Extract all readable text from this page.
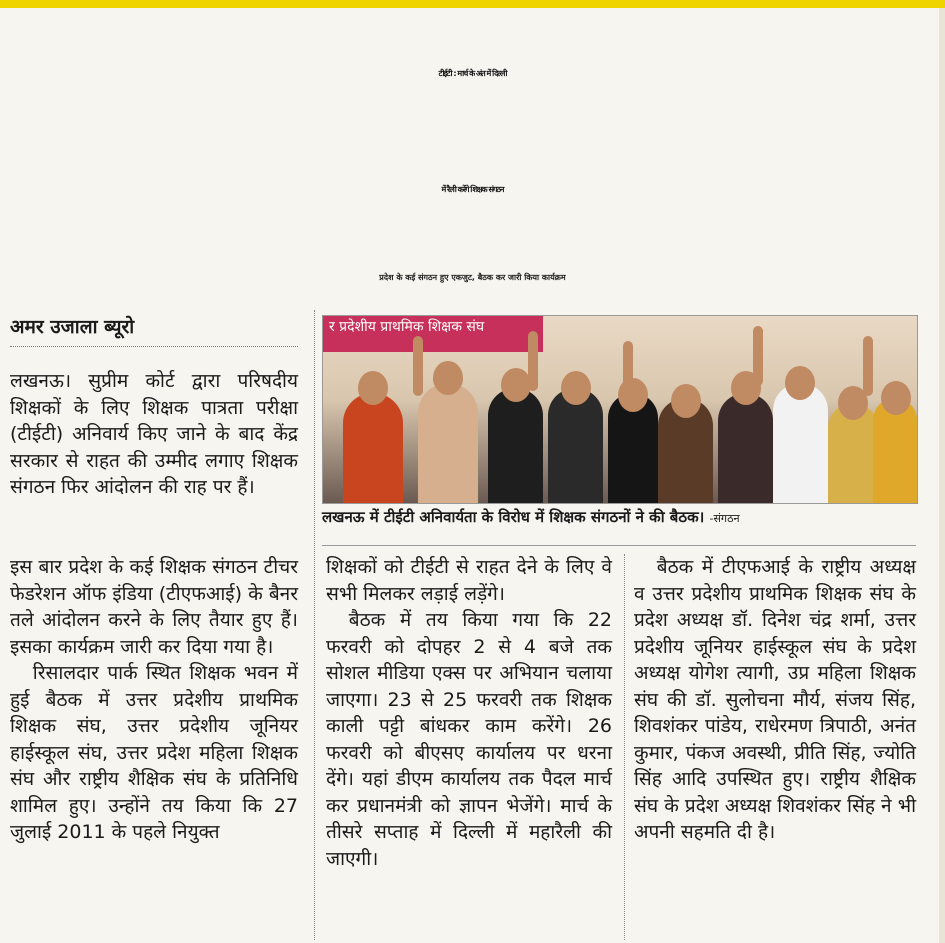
टीईटी : मार्च के अंत में दिल्ली
में रैली करेंगे शिक्षक संगठन
प्रदेश के कई संगठन हुए एकजुट, बैठक कर जारी किया कार्यक्रम
अमर उजाला ब्यूरो	र प्रदेशीय प्राथमिक शिक्षक संघ
लखनऊ में टीईटी अनिवार्यता के विरोध में शिक्षक संगठनों ने की बैठक। -संगठन

लखनऊ। सुप्रीम कोर्ट द्वारा परिषदीय शिक्षकों के लिए शिक्षक पात्रता परीक्षा (टीईटी) अनिवार्य किए जाने के बाद केंद्र सरकार से राहत की उम्मीद लगाए शिक्षक संगठन फिर आंदोलन की राह पर हैं।

इस बार प्रदेश के कई शिक्षक संगठन टीचर फेडरेशन ऑफ इंडिया (टीएफआई) के बैनर तले आंदोलन करने के लिए तैयार हुए हैं। इसका कार्यक्रम जारी कर दिया गया है।

रिसालदार पार्क स्थित शिक्षक भवन में हुई बैठक में उत्तर प्रदेशीय प्राथमिक शिक्षक संघ, उत्तर प्रदेशीय जूनियर हाईस्कूल संघ, उत्तर प्रदेश महिला शिक्षक संघ और राष्ट्रीय शैक्षिक संघ के प्रतिनिधि शामिल हुए। उन्होंने तय किया कि 27 जुलाई 2011 के पहले नियुक्त

शिक्षकों को टीईटी से राहत देने के लिए वे सभी मिलकर लड़ाई लड़ेंगे।

बैठक में तय किया गया कि 22 फरवरी को दोपहर 2 से 4 बजे तक सोशल मीडिया एक्स पर अभियान चलाया जाएगा। 23 से 25 फरवरी तक शिक्षक काली पट्टी बांधकर काम करेंगे। 26 फरवरी को बीएसए कार्यालय पर धरना देंगे। यहां डीएम कार्यालय तक पैदल मार्च कर प्रधानमंत्री को ज्ञापन भेजेंगे। मार्च के तीसरे सप्ताह में दिल्ली में महारैली की जाएगी।

बैठक में टीएफआई के राष्ट्रीय अध्यक्ष व उत्तर प्रदेशीय प्राथमिक शिक्षक संघ के प्रदेश अध्यक्ष डॉ. दिनेश चंद्र शर्मा, उत्तर प्रदेशीय जूनियर हाईस्कूल संघ के प्रदेश अध्यक्ष योगेश त्यागी, उप्र महिला शिक्षक संघ की डॉ. सुलोचना मौर्य, संजय सिंह, शिवशंकर पांडेय, राधेरमण त्रिपाठी, अनंत कुमार, पंकज अवस्थी, प्रीति सिंह, ज्योति सिंह आदि उपस्थित हुए। राष्ट्रीय शैक्षिक संघ के प्रदेश अध्यक्ष शिवशंकर सिंह ने भी अपनी सहमति दी है।
